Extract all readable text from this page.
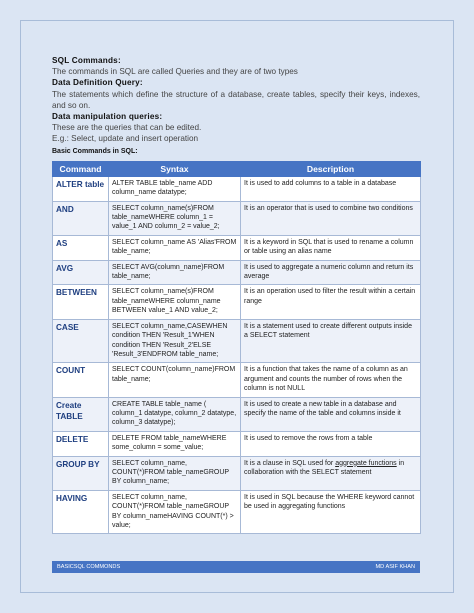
SQL Commands:

The commands in SQL are called Queries and they are of two types

Data Definition Query:

The statements which define the structure of a database, create tables, specify their keys, indexes, and so on.

Data manipulation queries:

These are the queries that can be edited.

E.g.: Select, update and insert operation

Basic Commands in SQL:

Command	Syntax	Description
ALTER table	ALTER TABLE table_name ADD column_name datatype;	It is used to add columns to a table in a database
AND	SELECT column_name(s)FROM table_nameWHERE column_1 = value_1 AND column_2 = value_2;	It is an operator that is used to combine two conditions
AS	SELECT column_name AS 'Alias'FROM table_name;	It is a keyword in SQL that is used to rename a column or table using an alias name
AVG	SELECT AVG(column_name)FROM table_name;	It is used to aggregate a numeric column and return its average
BETWEEN	SELECT column_name(s)FROM table_nameWHERE column_name BETWEEN value_1 AND value_2;	It is an operation used to filter the result within a certain range
CASE	SELECT column_name,CASEWHEN condition THEN 'Result_1'WHEN condition THEN 'Result_2'ELSE 'Result_3'ENDFROM table_name;	It is a statement used to create different outputs inside a SELECT statement
COUNT	SELECT COUNT(column_name)FROM table_name;	It is a function that takes the name of a column as an argument and counts the number of rows when the column is not NULL
Create TABLE	CREATE TABLE table_name ( column_1 datatype, column_2 datatype, column_3 datatype);	It is used to create a new table in a database and specify the name of the table and columns inside it
DELETE	DELETE FROM table_nameWHERE some_column = some_value;	It is used to remove the rows from a table
GROUP BY	SELECT column_name, COUNT(*)FROM table_nameGROUP BY column_name;	It is a clause in SQL used for aggregate functions in collaboration with the SELECT statement
HAVING	SELECT column_name, COUNT(*)FROM table_nameGROUP BY column_nameHAVING COUNT(*) > value;	It is used in SQL because the WHERE keyword cannot be used in aggregating functions
BASICSQL COMMONDS	MD ASIF KHAN
